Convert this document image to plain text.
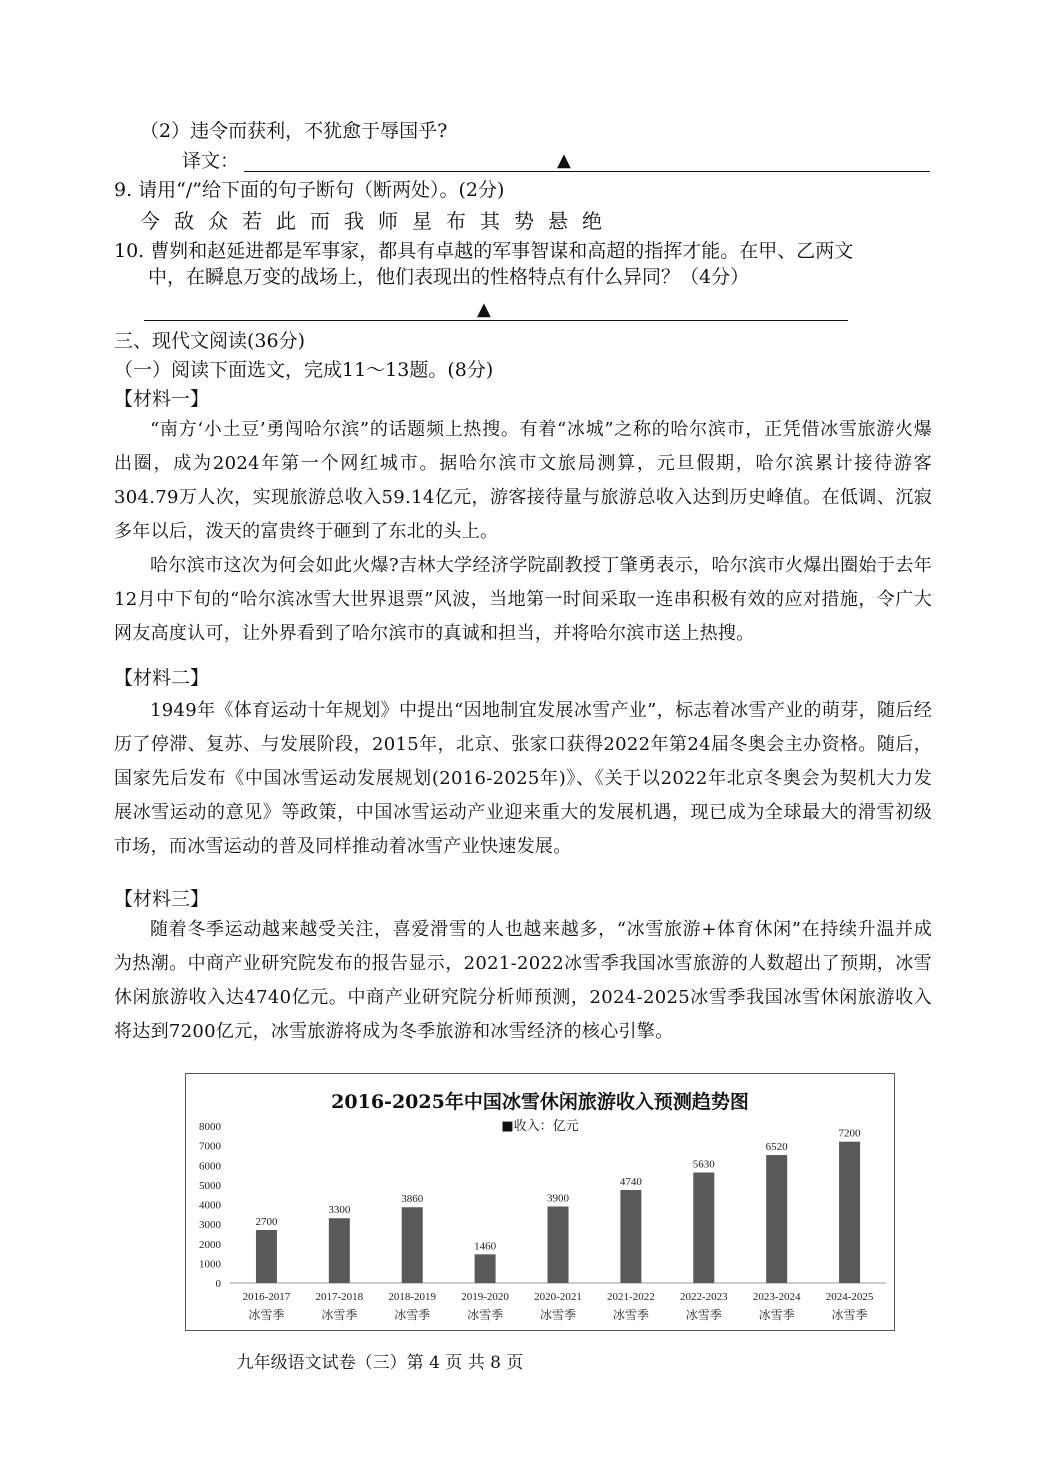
（2）违令而获利，不犹愈于辱国乎?
译文：	▲
9. 请用“/”给下面的句子断句（断两处）。(2分)
今敌众若此而我师星布其势悬绝
10. 曹刿和赵延进都是军事家，都具有卓越的军事智谋和高超的指挥才能。在甲、乙两文
中，在瞬息万变的战场上，他们表现出的性格特点有什么异同？（4分）
▲
三、现代文阅读(36分)
（一）阅读下面选文，完成11～13题。(8分)
【材料一】
“南方‘小土豆’勇闯哈尔滨”的话题频上热搜。有着“冰城”之称的哈尔滨市，正凭借冰雪旅游火爆出圈，成为2024年第一个网红城市。据哈尔滨市文旅局测算，元旦假期，哈尔滨累计接待游客304.79万人次，实现旅游总收入59.14亿元，游客接待量与旅游总收入达到历史峰值。在低调、沉寂多年以后，泼天的富贵终于砸到了东北的头上。
哈尔滨市这次为何会如此火爆?吉林大学经济学院副教授丁肇勇表示，哈尔滨市火爆出圈始于去年12月中下旬的“哈尔滨冰雪大世界退票”风波，当地第一时间采取一连串积极有效的应对措施，令广大网友高度认可，让外界看到了哈尔滨市的真诚和担当，并将哈尔滨市送上热搜。
【材料二】
1949年《体育运动十年规划》中提出“因地制宜发展冰雪产业”，标志着冰雪产业的萌芽，随后经历了停滞、复苏、与发展阶段，2015年，北京、张家口获得2022年第24届冬奥会主办资格。随后，国家先后发布《中国冰雪运动发展规划(2016-2025年)》、《关于以2022年北京冬奥会为契机大力发展冰雪运动的意见》等政策，中国冰雪运动产业迎来重大的发展机遇，现已成为全球最大的滑雪初级市场，而冰雪运动的普及同样推动着冰雪产业快速发展。
【材料三】
随着冬季运动越来越受关注，喜爱滑雪的人也越来越多，“冰雪旅游+体育休闲”在持续升温并成为热潮。中商产业研究院发布的报告显示，2021-2022冰雪季我国冰雪旅游的人数超出了预期，冰雪休闲旅游收入达4740亿元。中商产业研究院分析师预测，2024-2025冰雪季我国冰雪休闲旅游收入将达到7200亿元，冰雪旅游将成为冬季旅游和冰雪经济的核心引擎。
2016-2025年中国冰雪休闲旅游收入预测趋势图
■收入：亿元
0
1000
2000
3000
4000
5000
6000
7000
8000
2700
2016-2017
冰雪季
3300
2017-2018
冰雪季
3860
2018-2019
冰雪季
1460
2019-2020
冰雪季
3900
2020-2021
冰雪季
4740
2021-2022
冰雪季
5630
2022-2023
冰雪季
6520
2023-2024
冰雪季
7200
2024-2025
冰雪季
九年级语文试卷（三）第 4 页 共 8 页
